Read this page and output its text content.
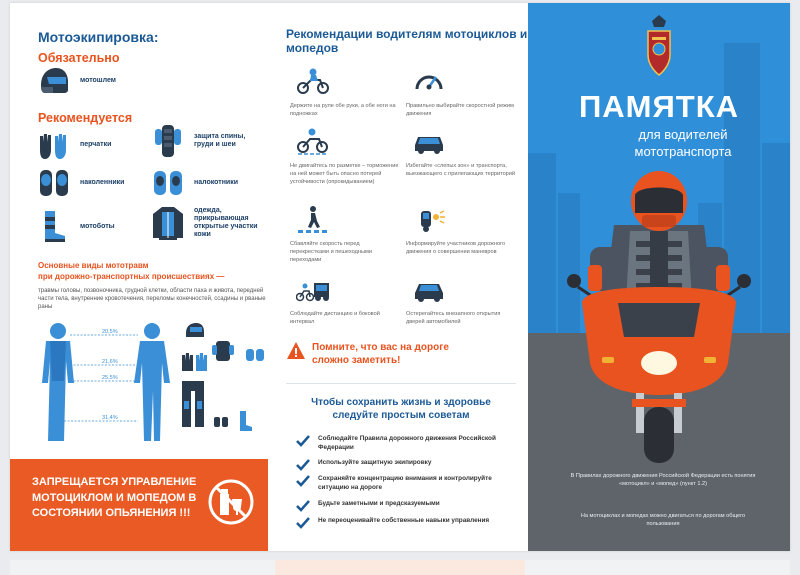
Мотоэкипировка:
Обязательно
мотошлем
Рекомендуется
перчатки
защита спины, груди и шеи
наколенники	налокотники
мотоботы
одежда, прикрывающая открытые участки кожи
Основные виды мототравм
при дорожно-транспортных происшествиях —
травмы головы, позвоночника, грудной клетки, области паха и живота, передней части тела, внутренние кровотечения, переломы конечностей, ссадины и рваные раны
20,5%
21,6%
25,5%
31,4%
ЗАПРЕЩАЕТСЯ УПРАВЛЕНИЕ МОТОЦИКЛОМ И МОПЕДОМ В СОСТОЯНИИ ОПЬЯНЕНИЯ !!!
Рекомендации водителям мотоциклов и мопедов
Держите на руле обе руки, а обе ноги на подножках
Правильно выбирайте скоростной режим движения
Не двигайтесь по разметке – торможение на ней может быть опасно потерей устойчивости (опрокидыванием)
Избегайте «слепых зон» и транспорта, выезжающего с прилегающих территорий
Сбавляйте скорость перед перекрестками и пешеходными переходами
Информируйте участников дорожного движения о совершении маневров
Соблюдайте дистанцию и боковой интервал
Остерегайтесь внезапного открытия дверей автомобилей
Помните, что вас на дороге
сложно заметить!
Чтобы сохранить жизнь и здоровье
следуйте простым советам
Соблюдайте Правила дорожного движения Российской Федерации
Используйте защитную экипировку
Сохраняйте концентрацию внимания и контролируйте ситуацию на дороге
Будьте заметными и предсказуемыми
Не переоценивайте собственные навыки управления
ПАМЯТКА
для водителей
мототранспорта
В Правилах дорожного движения Российской Федерации есть понятия «мотоцикл» и «мопед» (пункт 1.2)
На мотоциклах и мопедах можно двигаться по дорогам общего пользования
